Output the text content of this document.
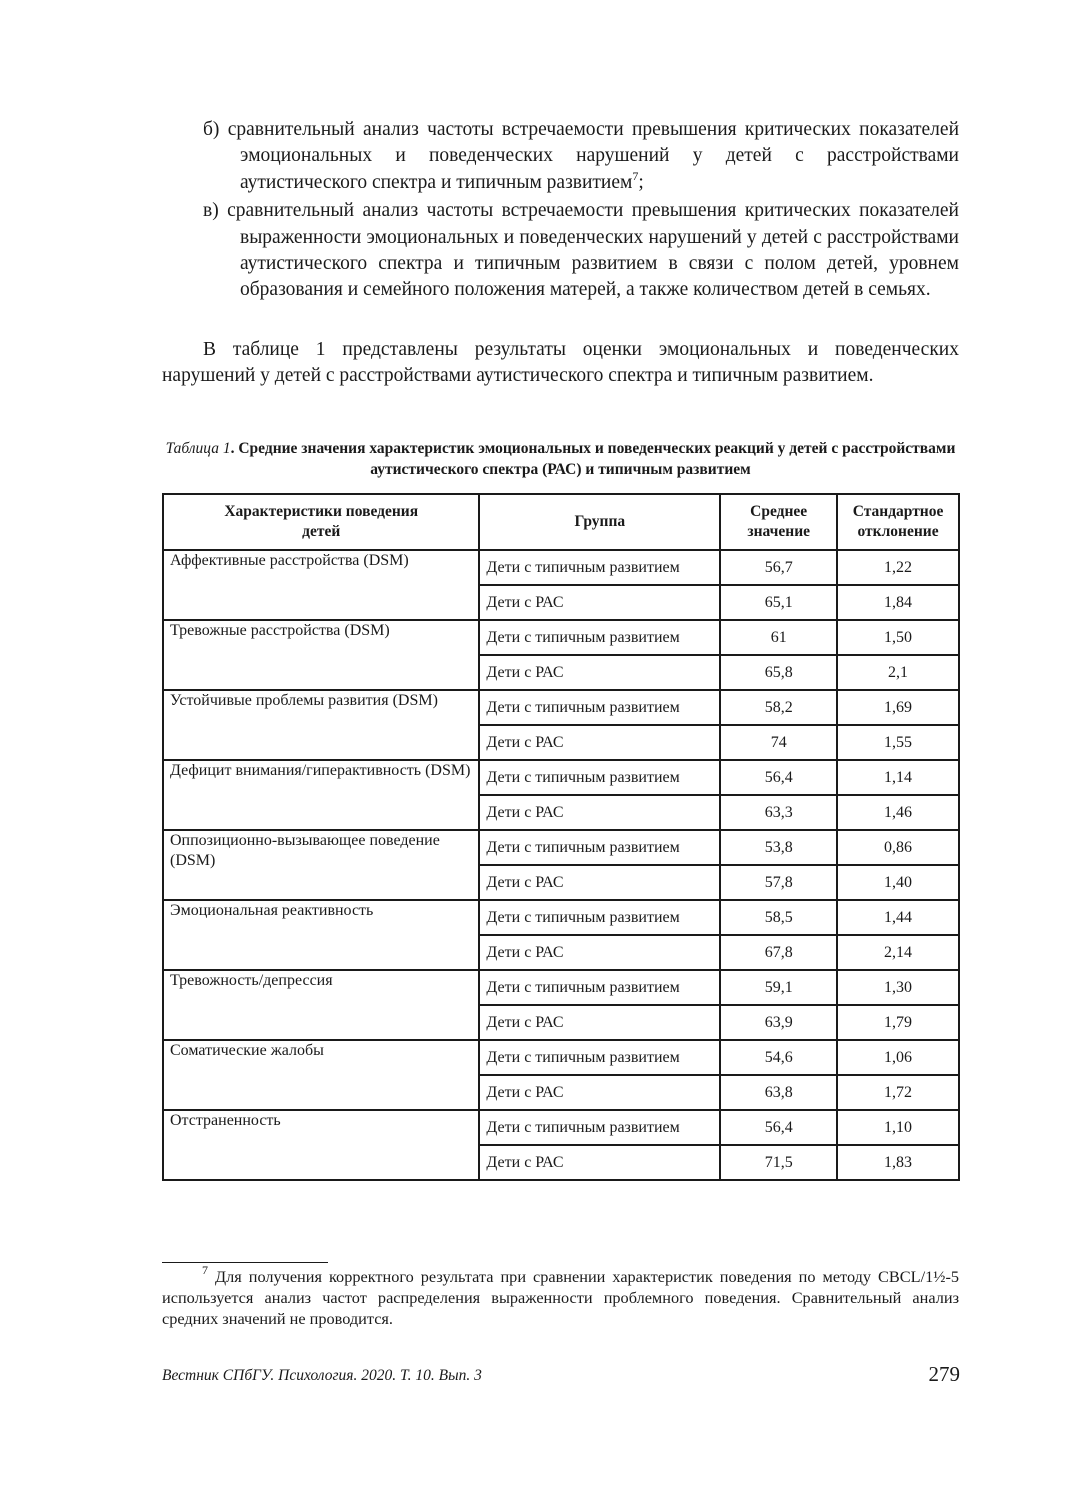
б) сравнительный анализ частоты встречаемости превышения критических показателей эмоциональных и поведенческих нарушений у детей с расстройствами аутистического спектра и типичным развитием$^7$;

в) сравнительный анализ частоты встречаемости превышения критических показателей выраженности эмоциональных и поведенческих нарушений у детей с расстройствами аутистического спектра и типичным развитием в связи с полом детей, уровнем образования и семейного положения матерей, а также количеством детей в семьях.

В таблице 1 представлены результаты оценки эмоциональных и поведенческих нарушений у детей с расстройствами аутистического спектра и типичным развитием.

Таблица 1. Средние значения характеристик эмоциональных и поведенческих реакций у детей с расстройствами аутистического спектра (РАС) и типичным развитием
Характеристики поведения детей	Группа	Среднее значение	Стандартное отклонение
Аффективные расстройства (DSM)	Дети с типичным развитием	56,7	1,22
	Дети с РАС	65,1	1,84
Тревожные расстройства (DSM)	Дети с типичным развитием	61	1,50
	Дети с РАС	65,8	2,1
Устойчивые проблемы развития (DSM)	Дети с типичным развитием	58,2	1,69
	Дети с РАС	74	1,55
Дефицит внимания/гиперактивность (DSM)	Дети с типичным развитием	56,4	1,14
	Дети с РАС	63,3	1,46
Оппозиционно-вызывающее поведение (DSM)	Дети с типичным развитием	53,8	0,86
	Дети с РАС	57,8	1,40
Эмоциональная реактивность	Дети с типичным развитием	58,5	1,44
	Дети с РАС	67,8	2,14
Тревожность/депрессия	Дети с типичным развитием	59,1	1,30
	Дети с РАС	63,9	1,79
Соматические жалобы	Дети с типичным развитием	54,6	1,06
	Дети с РАС	63,8	1,72
Отстраненность	Дети с типичным развитием	56,4	1,10
	Дети с РАС	71,5	1,83

$^7$ Для получения корректного результата при сравнении характеристик поведения по методу CBCL/1½-5 используется анализ частот распределения выраженности проблемного поведения. Сравнительный анализ средних значений не проводится.

Вестник СПбГУ. Психология. 2020. Т. 10. Вып. 3	279
